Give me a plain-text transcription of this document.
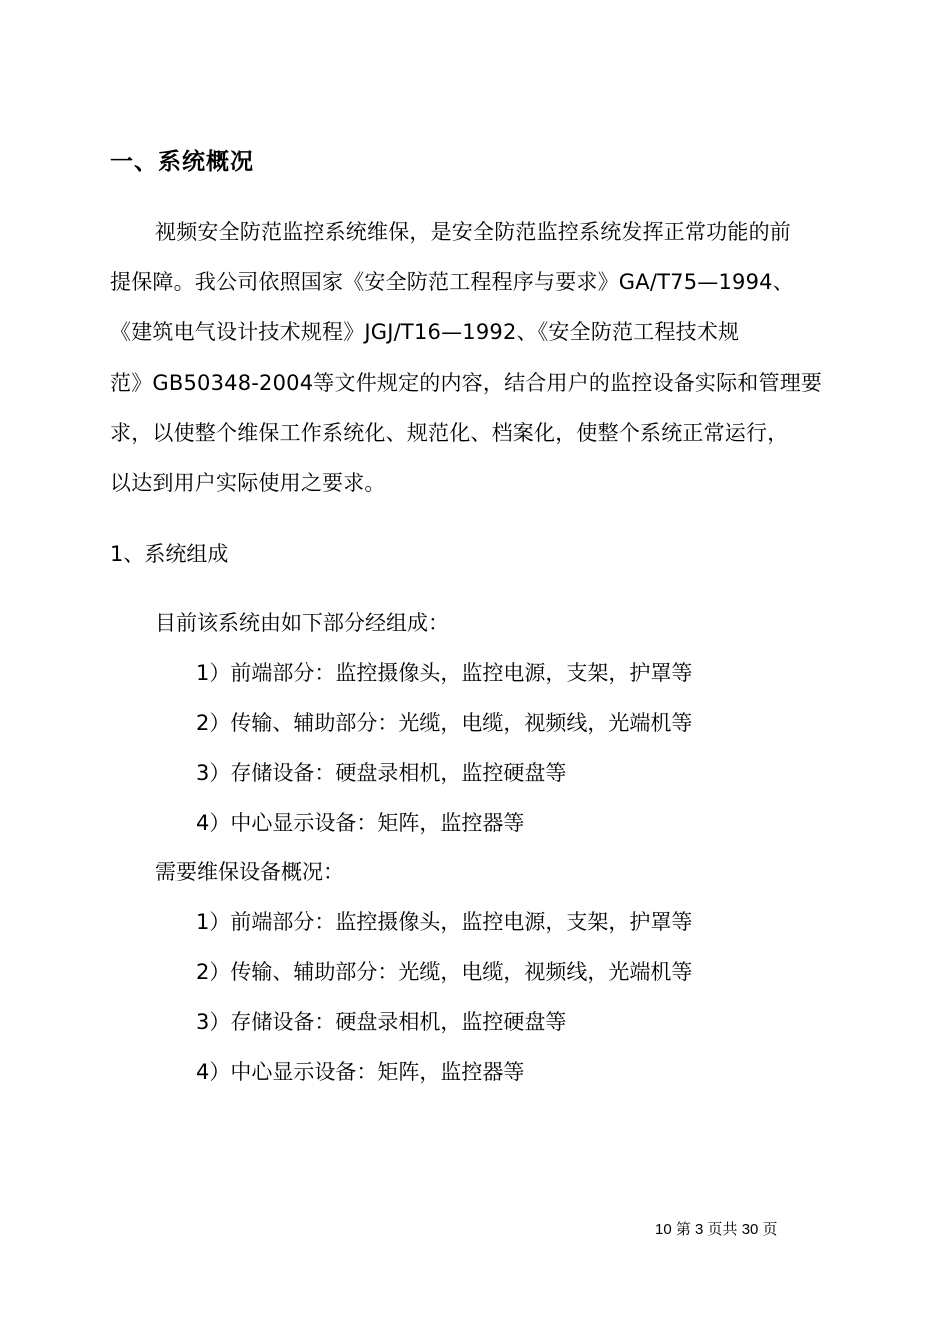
一、系统概况
视频安全防范监控系统维保，是安全防范监控系统发挥正常功能的前
提保障。我公司依照国家《安全防范工程程序与要求》GA/T75—1994、
《建筑电气设计技术规程》JGJ/T16—1992、《安全防范工程技术规
范》GB50348-2004等文件规定的内容，结合用户的监控设备实际和管理要
求，以使整个维保工作系统化、规范化、档案化，使整个系统正常运行，
以达到用户实际使用之要求。
1、系统组成
目前该系统由如下部分经组成：
1）前端部分：监控摄像头，监控电源，支架，护罩等
2）传输、辅助部分：光缆，电缆，视频线，光端机等
3）存储设备：硬盘录相机，监控硬盘等
4）中心显示设备：矩阵，监控器等
需要维保设备概况：
1）前端部分：监控摄像头，监控电源，支架，护罩等
2）传输、辅助部分：光缆，电缆，视频线，光端机等
3）存储设备：硬盘录相机，监控硬盘等
4）中心显示设备：矩阵，监控器等
10 第 3 页共 30 页
